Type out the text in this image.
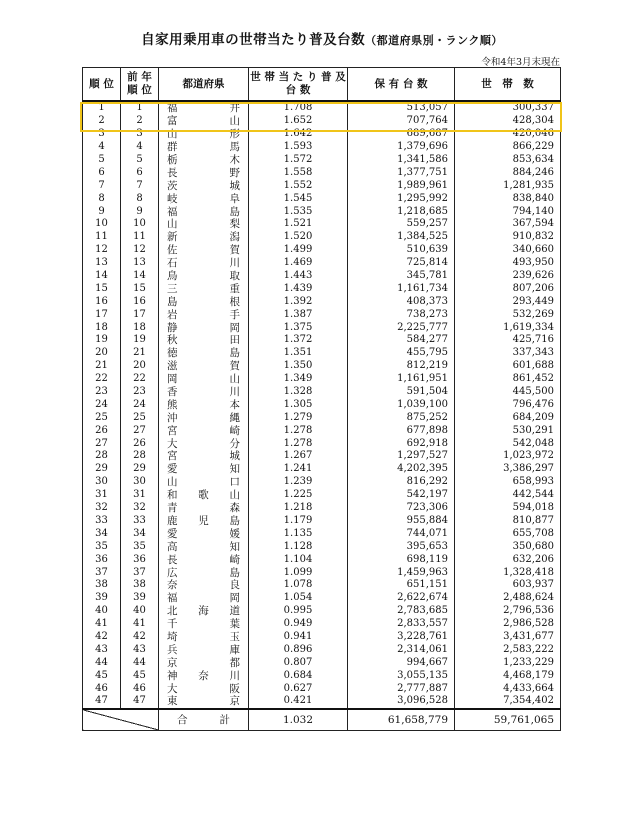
自家用乗用車の世帯当たり普及台数（都道府県別・ランク順）
令和4年3月末現在
順 位	前 年 順 位	都道府県	世 帯 当 た り 普 及 台 数	保 有 台 数	世　帯　数
1	1	福井	1.708	513,057	300,337
2	2	富山	1.652	707,764	428,304
3	3	山形	1.642	689,687	420,046
4	4	群馬	1.593	1,379,696	866,229
5	5	栃木	1.572	1,341,586	853,634
6	6	長野	1.558	1,377,751	884,246
7	7	茨城	1.552	1,989,961	1,281,935
8	8	岐阜	1.545	1,295,992	838,840
9	9	福島	1.535	1,218,685	794,140
10	10	山梨	1.521	559,257	367,594
11	11	新潟	1.520	1,384,525	910,832
12	12	佐賀	1.499	510,639	340,660
13	13	石川	1.469	725,814	493,950
14	14	鳥取	1.443	345,781	239,626
15	15	三重	1.439	1,161,734	807,206
16	16	島根	1.392	408,373	293,449
17	17	岩手	1.387	738,273	532,269
18	18	静岡	1.375	2,225,777	1,619,334
19	19	秋田	1.372	584,277	425,716
20	21	徳島	1.351	455,795	337,343
21	20	滋賀	1.350	812,219	601,688
22	22	岡山	1.349	1,161,951	861,452
23	23	香川	1.328	591,504	445,500
24	24	熊本	1.305	1,039,100	796,476
25	25	沖縄	1.279	875,252	684,209
26	27	宮崎	1.278	677,898	530,291
27	26	大分	1.278	692,918	542,048
28	28	宮城	1.267	1,297,527	1,023,972
29	29	愛知	1.241	4,202,395	3,386,297
30	30	山口	1.239	816,292	658,993
31	31	和歌山	1.225	542,197	442,544
32	32	青森	1.218	723,306	594,018
33	33	鹿児島	1.179	955,884	810,877
34	34	愛媛	1.135	744,071	655,708
35	35	高知	1.128	395,653	350,680
36	36	長崎	1.104	698,119	632,206
37	37	広島	1.099	1,459,963	1,328,418
38	38	奈良	1.078	651,151	603,937
39	39	福岡	1.054	2,622,674	2,488,624
40	40	北海道	0.995	2,783,685	2,796,536
41	41	千葉	0.949	2,833,557	2,986,528
42	42	埼玉	0.941	3,228,761	3,431,677
43	43	兵庫	0.896	2,314,061	2,583,222
44	44	京都	0.807	994,667	1,233,229
45	45	神奈川	0.684	3,055,135	4,468,179
46	46	大阪	0.627	2,777,887	4,433,664
47	47	東京	0.421	3,096,528	7,354,402
		合計	1.032	61,658,779	59,761,065
